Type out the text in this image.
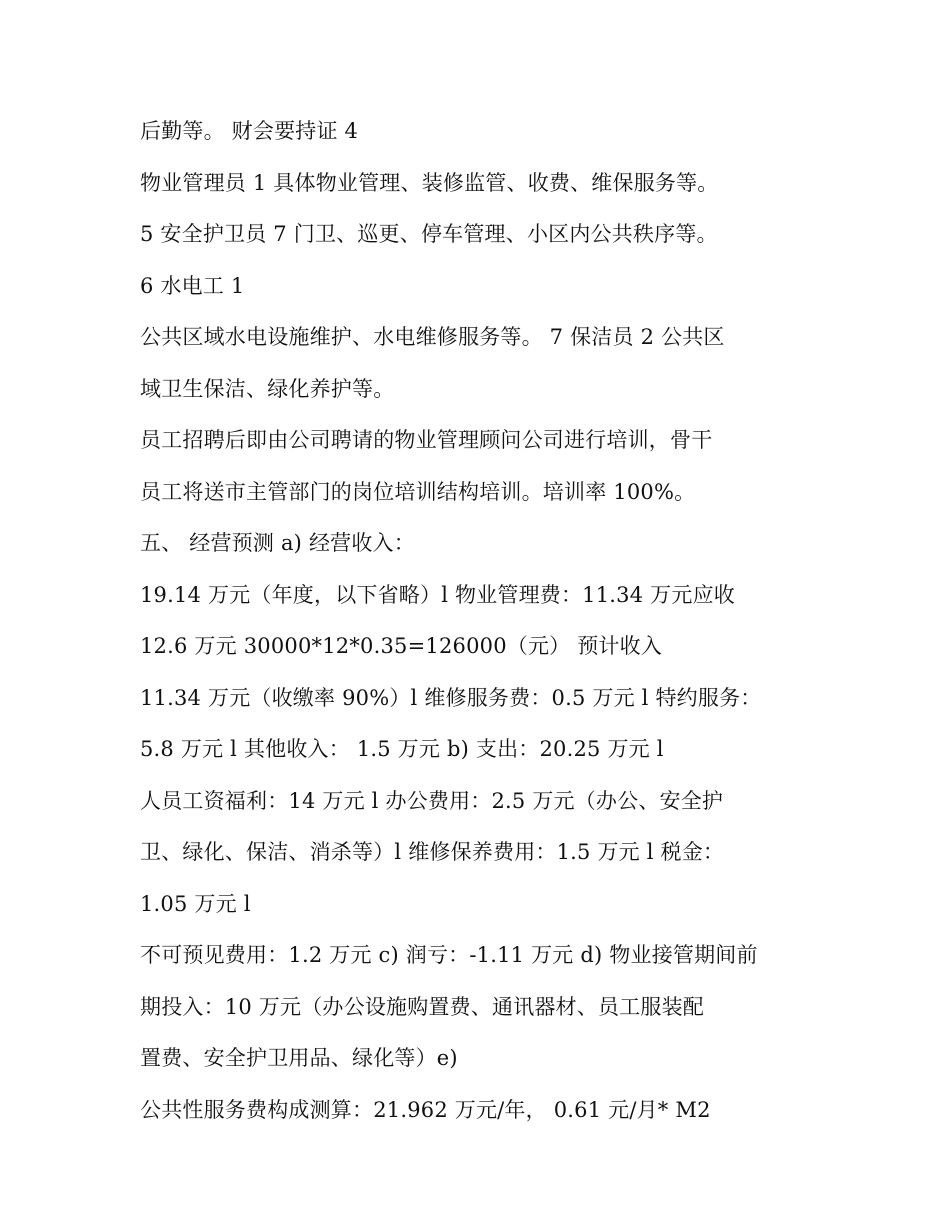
后勤等。 财会要持证 4
物业管理员 1 具体物业管理、装修监管、收费、维保服务等。
5 安全护卫员 7 门卫、巡更、停车管理、小区内公共秩序等。
6 水电工 1
公共区域水电设施维护、水电维修服务等。 7 保洁员 2 公共区
域卫生保洁、绿化养护等。
员工招聘后即由公司聘请的物业管理顾问公司进行培训，骨干
员工将送市主管部门的岗位培训结构培训。培训率 100%。
五、 经营预测 a) 经营收入：
19.14 万元（年度，以下省略）l 物业管理费：11.34 万元应收
12.6 万元 30000*12*0.35=126000（元） 预计收入
11.34 万元（收缴率 90%）l 维修服务费：0.5 万元 l 特约服务：
5.8 万元 l 其他收入： 1.5 万元 b) 支出：20.25 万元 l
人员工资福利：14 万元 l 办公费用：2.5 万元（办公、安全护
卫、绿化、保洁、消杀等）l 维修保养费用：1.5 万元 l 税金：
1.05 万元 l
不可预见费用：1.2 万元 c) 润亏：-1.11 万元 d) 物业接管期间前
期投入：10 万元（办公设施购置费、通讯器材、员工服装配
置费、安全护卫用品、绿化等）e)
公共性服务费构成测算：21.962 万元/年， 0.61 元/月* M2
